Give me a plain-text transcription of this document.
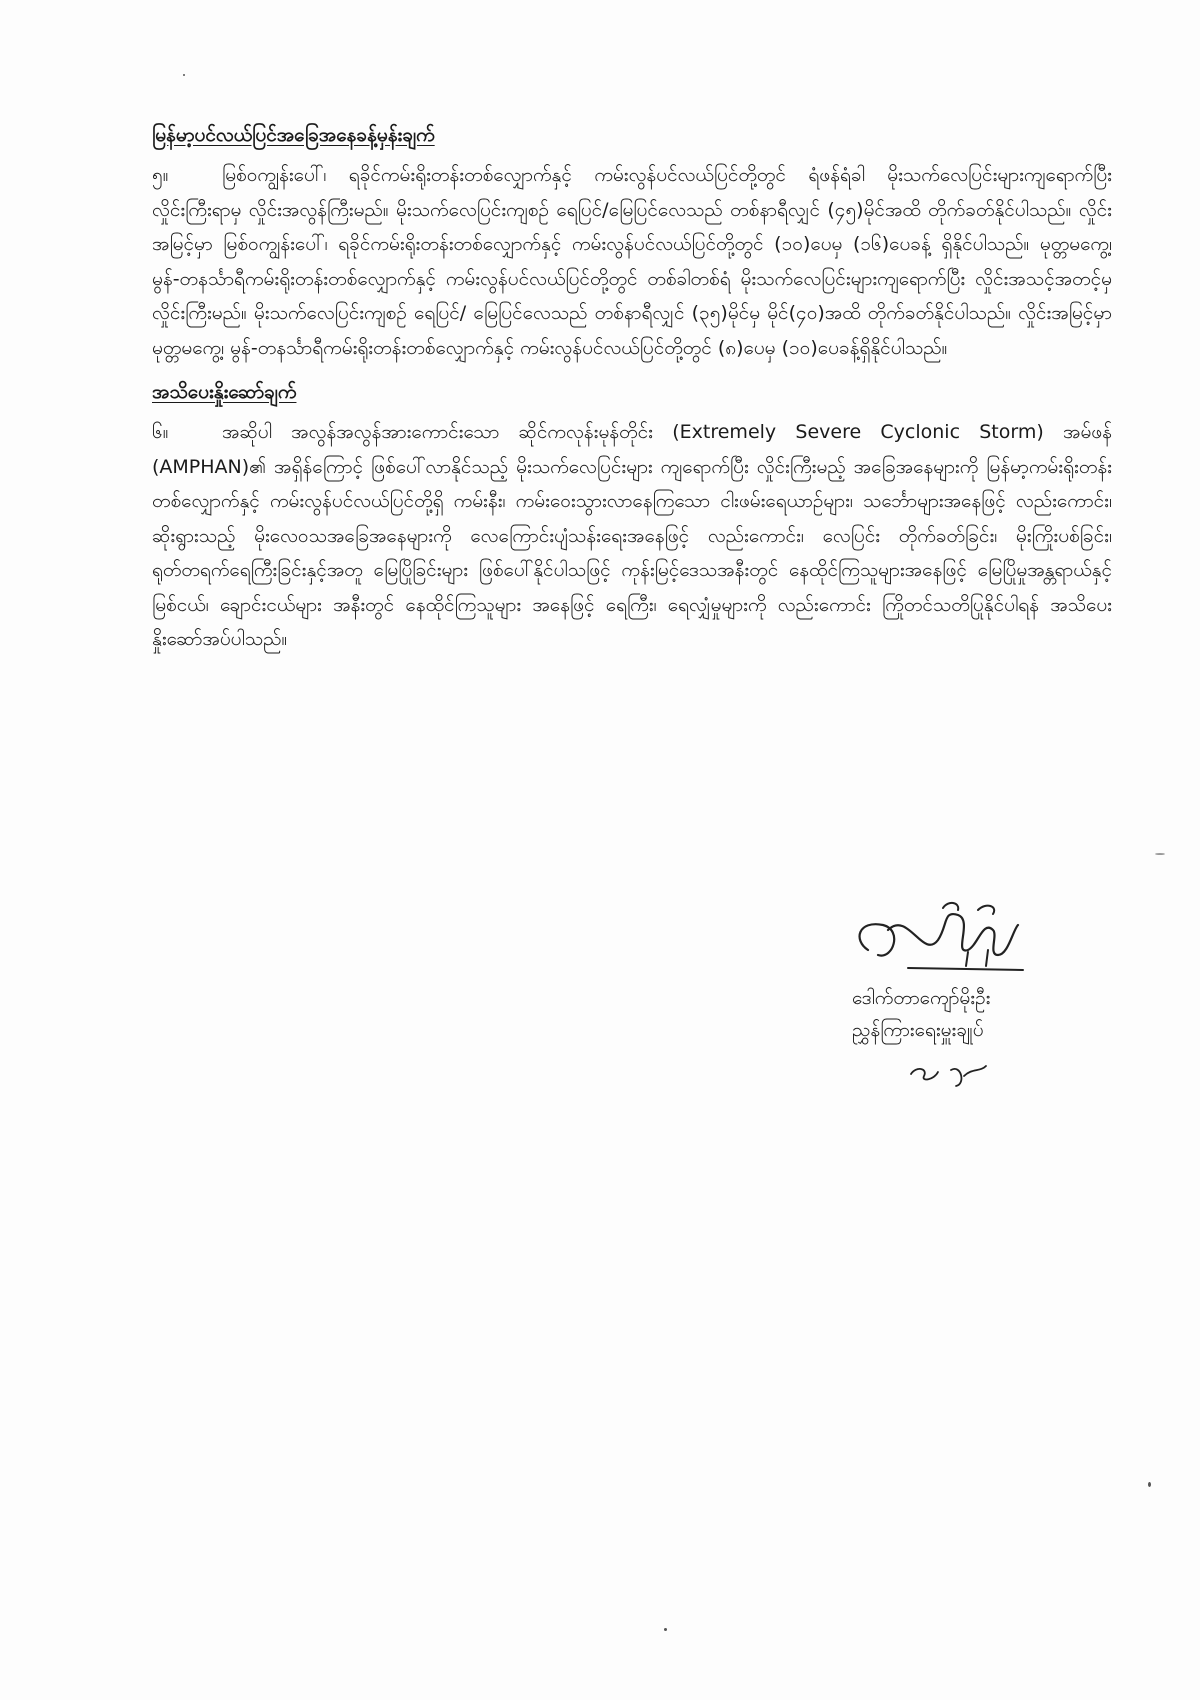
မြန်မာ့ပင်လယ်ပြင်အခြေအနေခန့်မှန်းချက်

၅။	မြစ်ဝကျွန်းပေါ်၊ ရခိုင်ကမ်းရိုးတန်းတစ်လျှောက်နှင့် ကမ်းလွန်ပင်လယ်ပြင်တို့တွင် ရံဖန်ရံခါ မိုးသက်လေပြင်းများကျရောက်ပြီး လှိုင်းကြီးရာမှ လှိုင်းအလွန်ကြီးမည်။ မိုးသက်လေပြင်းကျစဉ် ရေပြင်/မြေပြင်လေသည် တစ်နာရီလျှင် (၄၅)မိုင်အထိ တိုက်ခတ်နိုင်ပါသည်။ လှိုင်းအမြင့်မှာ မြစ်ဝကျွန်းပေါ်၊ ရခိုင်ကမ်းရိုးတန်းတစ်လျှောက်နှင့် ကမ်းလွန်ပင်လယ်ပြင်တို့တွင် (၁၀)ပေမှ (၁၆)ပေခန့် ရှိနိုင်ပါသည်။ မုတ္တမကွေ့၊ မွန်-တနင်္သာရီကမ်းရိုးတန်းတစ်လျှောက်နှင့် ကမ်းလွန်ပင်လယ်ပြင်တို့တွင် တစ်ခါတစ်ရံ မိုးသက်လေပြင်းများကျရောက်ပြီး လှိုင်းအသင့်အတင့်မှ လှိုင်းကြီးမည်။ မိုးသက်လေပြင်းကျစဉ် ရေပြင်/ မြေပြင်လေသည် တစ်နာရီလျှင် (၃၅)မိုင်မှ မိုင်(၄၀)အထိ တိုက်ခတ်နိုင်ပါသည်။ လှိုင်းအမြင့်မှာ မုတ္တမကွေ့၊ မွန်-တနင်္သာရီကမ်းရိုးတန်းတစ်လျှောက်နှင့် ကမ်းလွန်ပင်လယ်ပြင်တို့တွင် (၈)ပေမှ (၁၀)ပေခန့်ရှိနိုင်ပါသည်။

အသိပေးနှိုးဆော်ချက်

၆။	အဆိုပါ အလွန်အလွန်အားကောင်းသော ဆိုင်ကလုန်းမုန်တိုင်း (Extremely Severe Cyclonic Storm) အမ်ဖန် (AMPHAN)၏ အရှိန်ကြောင့် ဖြစ်ပေါ်လာနိုင်သည့် မိုးသက်လေပြင်းများ ကျရောက်ပြီး လှိုင်းကြီးမည့် အခြေအနေများကို မြန်မာ့ကမ်းရိုးတန်းတစ်လျှောက်နှင့် ကမ်းလွန်ပင်လယ်ပြင်တို့ရှိ ကမ်းနီး၊ ကမ်းဝေးသွားလာနေကြသော ငါးဖမ်းရေယာဉ်များ၊ သင်္ဘောများအနေဖြင့် လည်းကောင်း၊ ဆိုးရွားသည့် မိုးလေဝသအခြေအနေများကို လေကြောင်းပျံသန်းရေးအနေဖြင့် လည်းကောင်း၊ လေပြင်း တိုက်ခတ်ခြင်း၊ မိုးကြိုးပစ်ခြင်း၊ ရုတ်တရက်ရေကြီးခြင်းနှင့်အတူ မြေပြိုခြင်းများ ဖြစ်ပေါ်နိုင်ပါသဖြင့် ကုန်းမြင့်ဒေသအနီးတွင် နေထိုင်ကြသူများအနေဖြင့် မြေပြိုမှုအန္တရာယ်နှင့် မြစ်ငယ်၊ ချောင်းငယ်များ အနီးတွင် နေထိုင်ကြသူများ အနေဖြင့် ရေကြီး၊ ရေလျှံမှုများကို လည်းကောင်း ကြိုတင်သတိပြုနိုင်ပါရန် အသိပေးနှိုးဆော်အပ်ပါသည်။

ဒေါက်တာကျော်မိုးဦး
ညွှန်ကြားရေးမှူးချုပ်
